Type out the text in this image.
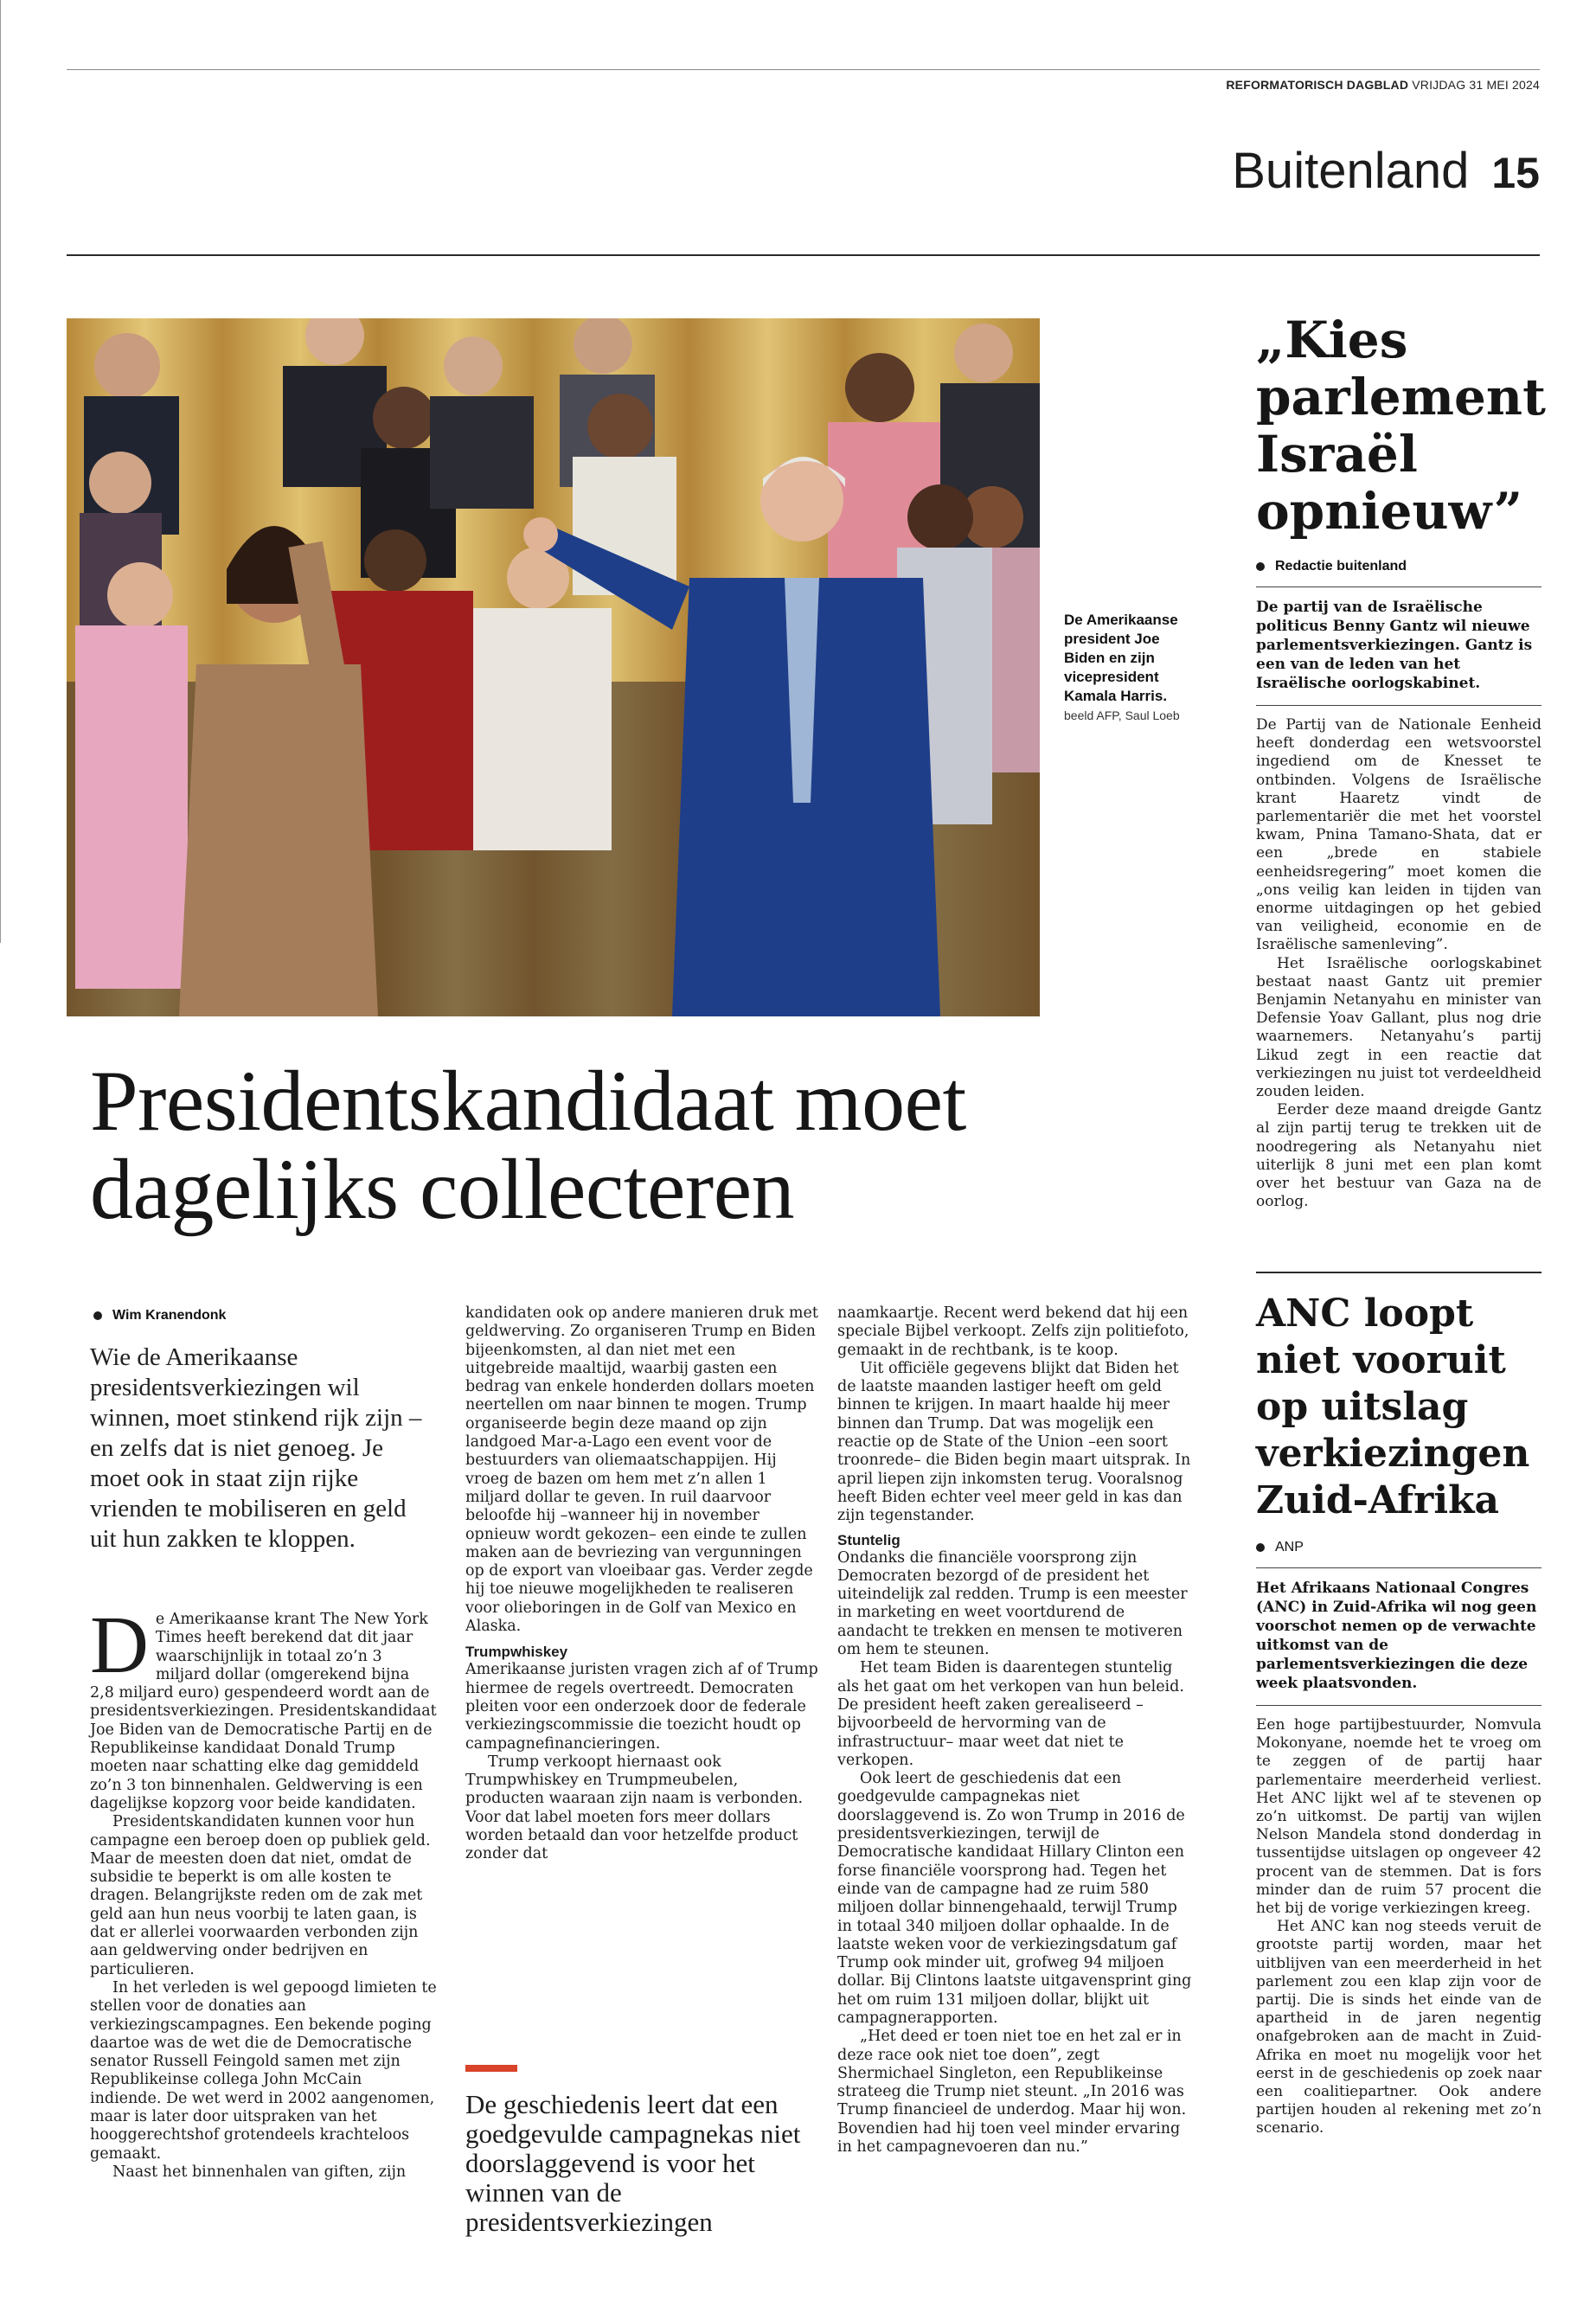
REFORMATORISCH DAGBLAD VRIJDAG 31 MEI 2024
Buitenland 15
De Amerikaanse president Joe Biden en zijn vicepresident Kamala Harris. beeld AFP, Saul Loeb
Presidentskandidaat moet
dagelijks collecteren
Wim Kranendonk
Wie de Amerikaanse presidentsverkiezingen wil winnen, moet stinkend rijk zijn – en zelfs dat is niet genoeg. Je moet ook in staat zijn rijke vrienden te mobiliseren en geld uit hun zakken te kloppen.

De Amerikaanse krant The New York Times heeft berekend dat dit jaar waarschijnlijk in totaal zo’n 3 miljard dollar (omgerekend bijna 2,8 miljard euro) gespendeerd wordt aan de presidentsverkiezingen. Presidentskandidaat Joe Biden van de Democratische Partij en de Republikeinse kandidaat Donald Trump moeten naar schatting elke dag gemiddeld zo’n 3 ton binnenhalen. Geldwerving is een dagelijkse kopzorg voor beide kandidaten.

Presidentskandidaten kunnen voor hun campagne een beroep doen op publiek geld. Maar de meesten doen dat niet, omdat de subsidie te beperkt is om alle kosten te dragen. Belangrijkste reden om de zak met geld aan hun neus voorbij te laten gaan, is dat er allerlei voorwaarden verbonden zijn aan geldwerving onder bedrijven en particulieren.

In het verleden is wel gepoogd limieten te stellen voor de donaties aan verkiezingscampagnes. Een bekende poging daartoe was de wet die de Democratische senator Russell Feingold samen met zijn Republikeinse collega John McCain indiende. De wet werd in 2002 aangenomen, maar is later door uitspraken van het hooggerechtshof grotendeels krachteloos gemaakt.

Naast het binnenhalen van giften, zijn

kandidaten ook op andere manieren druk met geldwerving. Zo organiseren Trump en Biden bijeenkomsten, al dan niet met een uitgebreide maaltijd, waarbij gasten een bedrag van enkele honderden dollars moeten neertellen om naar binnen te mogen. Trump organiseerde begin deze maand op zijn landgoed Mar-a-Lago een event voor de bestuurders van oliemaatschappijen. Hij vroeg de bazen om hem met z’n allen 1 miljard dollar te geven. In ruil daarvoor beloofde hij –wanneer hij in november opnieuw wordt gekozen– een einde te zullen maken aan de bevriezing van vergunningen op de export van vloeibaar gas. Verder zegde hij toe nieuwe mogelijkheden te realiseren voor olieboringen in de Golf van Mexico en Alaska.

Trumpwhiskey

Amerikaanse juristen vragen zich af of Trump hiermee de regels overtreedt. Democraten pleiten voor een onderzoek door de federale verkiezingscommissie die toezicht houdt op campagnefinancieringen.

Trump verkoopt hiernaast ook Trumpwhiskey en Trumpmeubelen, producten waaraan zijn naam is verbonden. Voor dat label moeten fors meer dollars worden betaald dan voor hetzelfde product zonder dat

De geschiedenis leert dat een goedgevulde campagnekas niet doorslaggevend is voor het winnen van de presidentsverkiezingen

naamkaartje. Recent werd bekend dat hij een speciale Bijbel verkoopt. Zelfs zijn politiefoto, gemaakt in de rechtbank, is te koop.

Uit officiële gegevens blijkt dat Biden het de laatste maanden lastiger heeft om geld binnen te krijgen. In maart haalde hij meer binnen dan Trump. Dat was mogelijk een reactie op de State of the Union –een soort troonrede– die Biden begin maart uitsprak. In april liepen zijn inkomsten terug. Vooralsnog heeft Biden echter veel meer geld in kas dan zijn tegenstander.

Stuntelig

Ondanks die financiële voorsprong zijn Democraten bezorgd of de president het uiteindelijk zal redden. Trump is een meester in marketing en weet voortdurend de aandacht te trekken en mensen te motiveren om hem te steunen.

Het team Biden is daarentegen stuntelig als het gaat om het verkopen van hun beleid. De president heeft zaken gerealiseerd –bijvoorbeeld de hervorming van de infrastructuur– maar weet dat niet te verkopen.

Ook leert de geschiedenis dat een goedgevulde campagnekas niet doorslaggevend is. Zo won Trump in 2016 de presidentsverkiezingen, terwijl de Democratische kandidaat Hillary Clinton een forse financiële voorsprong had. Tegen het einde van de campagne had ze ruim 580 miljoen dollar binnengehaald, terwijl Trump in totaal 340 miljoen dollar ophaalde. In de laatste weken voor de verkiezingsdatum gaf Trump ook minder uit, grofweg 94 miljoen dollar. Bij Clintons laatste uitgavensprint ging het om ruim 131 miljoen dollar, blijkt uit campagnerapporten.

„Het deed er toen niet toe en het zal er in deze race ook niet toe doen”, zegt Shermichael Singleton, een Republikeinse strateeg die Trump niet steunt. „In 2016 was Trump financieel de underdog. Maar hij won. Bovendien had hij toen veel minder ervaring in het campagnevoeren dan nu.”

„Kies parlement Israël opnieuw”
Redactie buitenland

De partij van de Israëlische politicus Benny Gantz wil nieuwe parlementsverkiezingen. Gantz is een van de leden van het Israëlische oorlogskabinet.

De Partij van de Nationale Eenheid heeft donderdag een wetsvoorstel ingediend om de Knesset te ontbinden. Volgens de Israëlische krant Haaretz vindt de parlementariër die met het voorstel kwam, Pnina Tamano-Shata, dat er een „brede en stabiele eenheidsregering” moet komen die „ons veilig kan leiden in tijden van enorme uitdagingen op het gebied van veiligheid, economie en de Israëlische samenleving”.

Het Israëlische oorlogskabinet bestaat naast Gantz uit premier Benjamin Netanyahu en minister van Defensie Yoav Gallant, plus nog drie waarnemers. Netanyahu’s partij Likud zegt in een reactie dat verkiezingen nu juist tot verdeeldheid zouden leiden.

Eerder deze maand dreigde Gantz al zijn partij terug te trekken uit de noodregering als Netanyahu niet uiterlijk 8 juni met een plan komt over het bestuur van Gaza na de oorlog.

ANC loopt niet vooruit op uitslag verkiezingen Zuid-Afrika
ANP

Het Afrikaans Nationaal Congres (ANC) in Zuid-Afrika wil nog geen voorschot nemen op de verwachte uitkomst van de parlementsverkiezingen die deze week plaatsvonden.

Een hoge partijbestuurder, Nomvula Mokonyane, noemde het te vroeg om te zeggen of de partij haar parlementaire meerderheid verliest. Het ANC lijkt wel af te stevenen op zo’n uitkomst. De partij van wijlen Nelson Mandela stond donderdag in tussentijdse uitslagen op ongeveer 42 procent van de stemmen. Dat is fors minder dan de ruim 57 procent die het bij de vorige verkiezingen kreeg.

Het ANC kan nog steeds veruit de grootste partij worden, maar het uitblijven van een meerderheid in het parlement zou een klap zijn voor de partij. Die is sinds het einde van de apartheid in de jaren negentig onafgebroken aan de macht in Zuid-Afrika en moet nu mogelijk voor het eerst in de geschiedenis op zoek naar een coalitiepartner. Ook andere partijen houden al rekening met zo’n scenario.
